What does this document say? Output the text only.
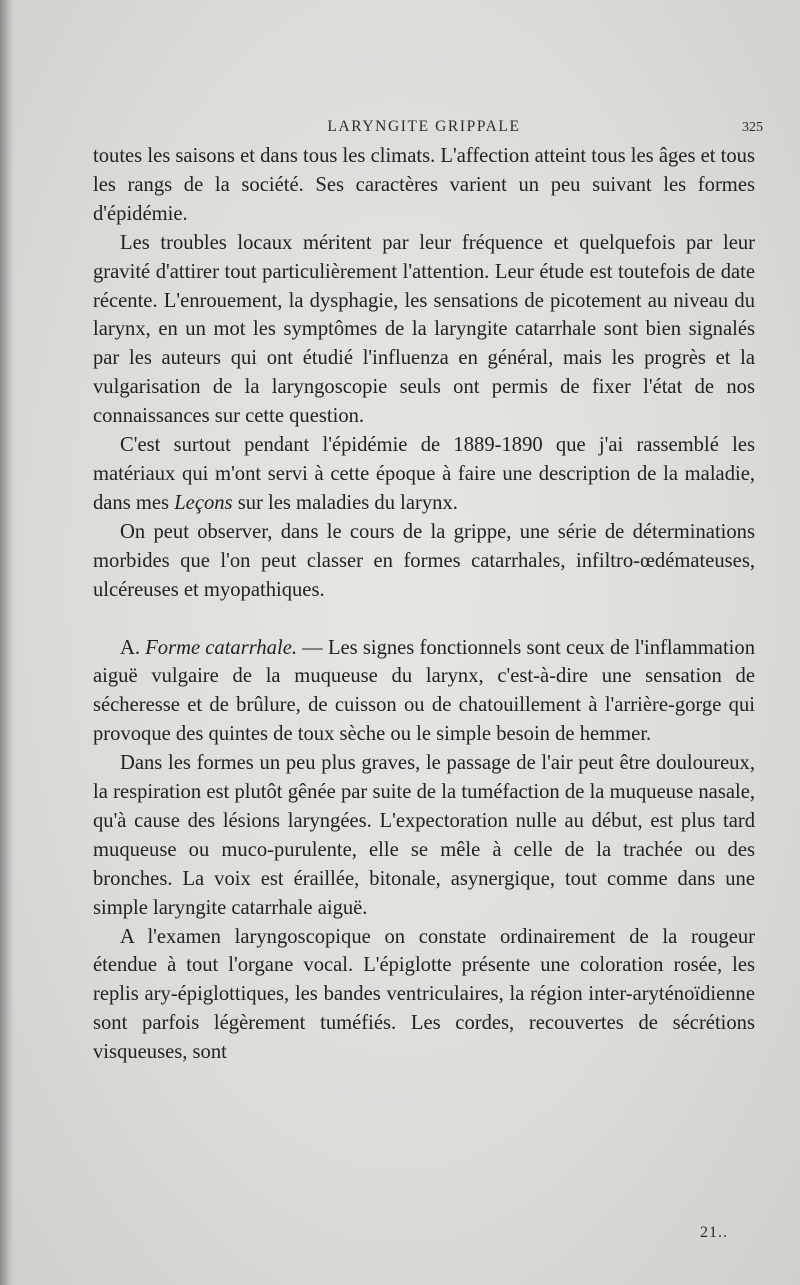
LARYNGITE GRIPPALE	325

toutes les saisons et dans tous les climats. L'affection atteint tous les âges et tous les rangs de la société. Ses caractères varient un peu suivant les formes d'épidémie.

Les troubles locaux méritent par leur fréquence et quelquefois par leur gravité d'attirer tout particulièrement l'attention. Leur étude est toutefois de date récente. L'enrouement, la dysphagie, les sensations de picotement au niveau du larynx, en un mot les symptômes de la laryngite catarrhale sont bien signalés par les auteurs qui ont étudié l'influenza en général, mais les progrès et la vulgarisation de la laryngoscopie seuls ont permis de fixer l'état de nos connaissances sur cette question.

C'est surtout pendant l'épidémie de 1889-1890 que j'ai rassemblé les matériaux qui m'ont servi à cette époque à faire une description de la maladie, dans mes Leçons sur les maladies du larynx.

On peut observer, dans le cours de la grippe, une série de déterminations morbides que l'on peut classer en formes catarrhales, infiltro-œdémateuses, ulcéreuses et myopathiques.

A. Forme catarrhale. — Les signes fonctionnels sont ceux de l'inflammation aiguë vulgaire de la muqueuse du larynx, c'est-à-dire une sensation de sécheresse et de brûlure, de cuisson ou de chatouillement à l'arrière-gorge qui provoque des quintes de toux sèche ou le simple besoin de hemmer.

Dans les formes un peu plus graves, le passage de l'air peut être douloureux, la respiration est plutôt gênée par suite de la tuméfaction de la muqueuse nasale, qu'à cause des lésions laryngées. L'expectoration nulle au début, est plus tard muqueuse ou muco-purulente, elle se mêle à celle de la trachée ou des bronches. La voix est éraillée, bitonale, asynergique, tout comme dans une simple laryngite catarrhale aiguë.

A l'examen laryngoscopique on constate ordinairement de la rougeur étendue à tout l'organe vocal. L'épiglotte présente une coloration rosée, les replis ary-épiglottiques, les bandes ventriculaires, la région inter-aryténoïdienne sont parfois légèrement tuméfiés. Les cordes, recouvertes de sécrétions visqueuses, sont

21..
